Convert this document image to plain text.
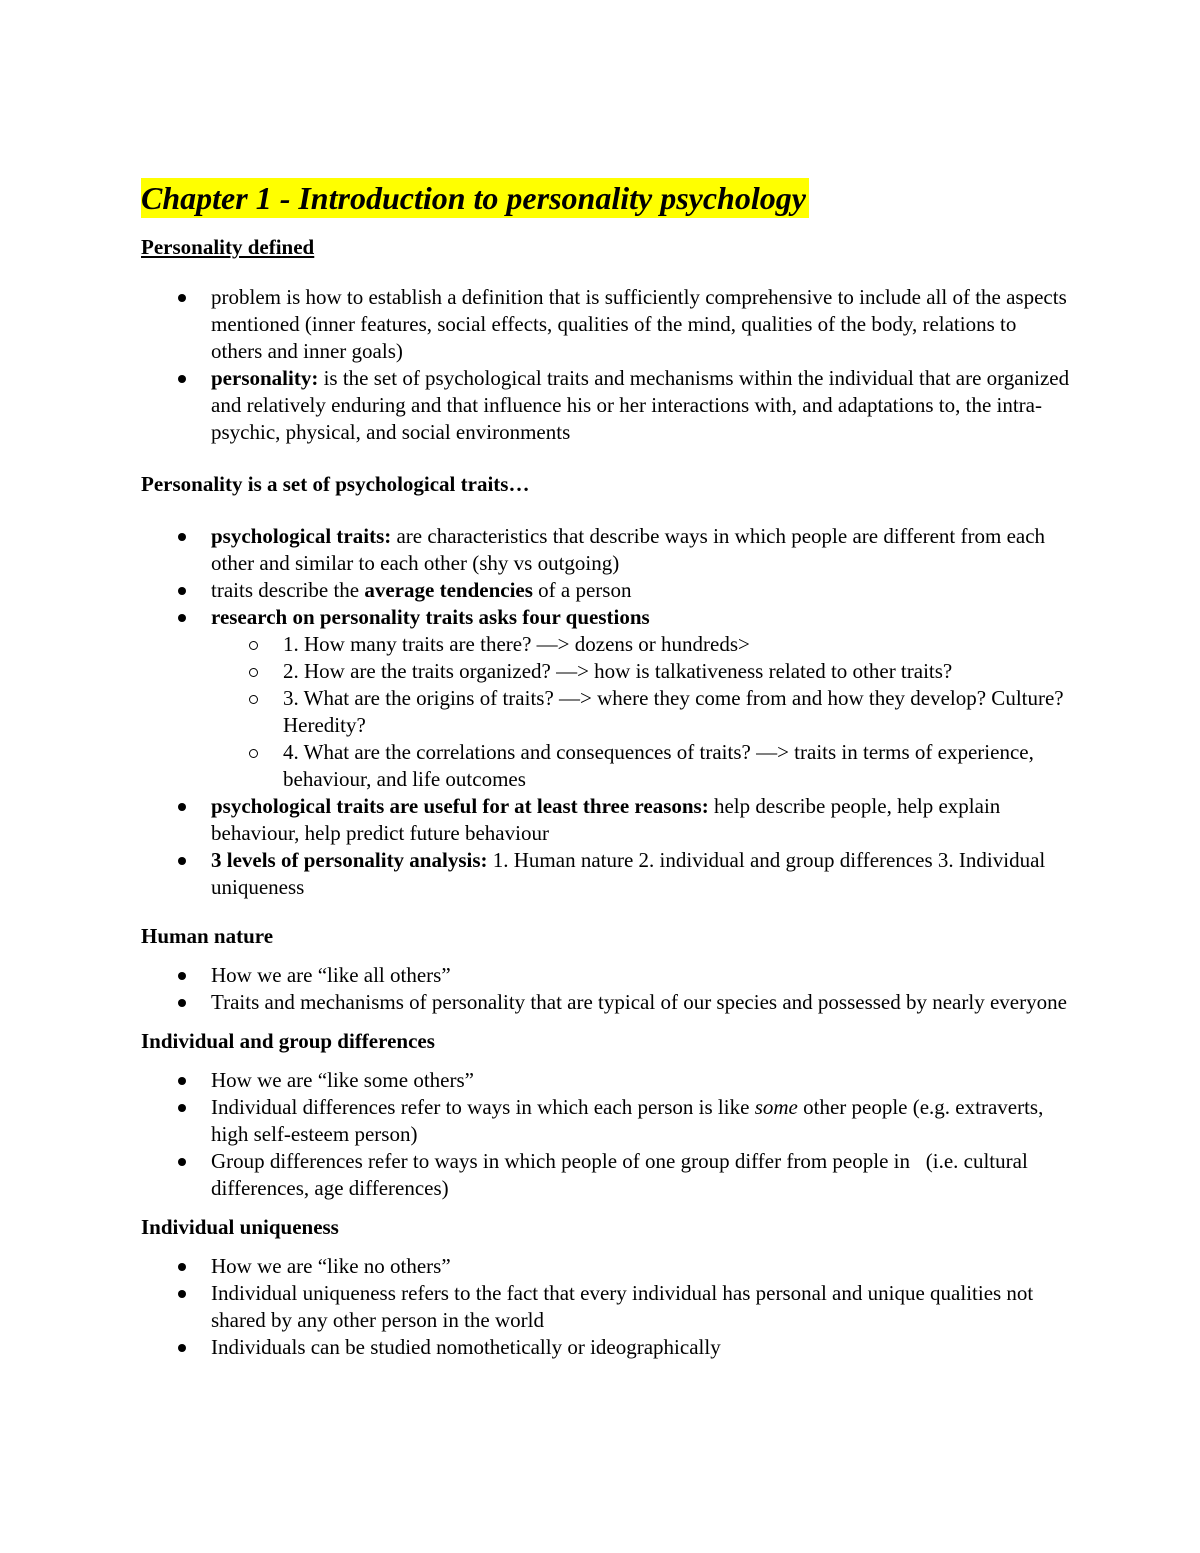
Chapter 1 - Introduction to personality psychology
Personality defined
problem is how to establish a definition that is sufficiently comprehensive to include all of the aspects mentioned (inner features, social effects, qualities of the mind, qualities of the body, relations to others and inner goals)
personality: is the set of psychological traits and mechanisms within the individual that are organized and relatively enduring and that influence his or her interactions with, and adaptations to, the intra-psychic, physical, and social environments
Personality is a set of psychological traits…
psychological traits: are characteristics that describe ways in which people are different from each other and similar to each other (shy vs outgoing)
traits describe the average tendencies of a person
research on personality traits asks four questions
1. How many traits are there? —> dozens or hundreds>
2. How are the traits organized? —> how is talkativeness related to other traits?
3. What are the origins of traits? —> where they come from and how they develop? Culture? Heredity?
4. What are the correlations and consequences of traits? —> traits in terms of experience, behaviour, and life outcomes
psychological traits are useful for at least three reasons: help describe people, help explain behaviour, help predict future behaviour
3 levels of personality analysis: 1. Human nature 2. individual and group differences 3. Individual uniqueness
Human nature
How we are “like all others”
Traits and mechanisms of personality that are typical of our species and possessed by nearly everyone
Individual and group differences
How we are “like some others”
Individual differences refer to ways in which each person is like some other people (e.g. extraverts, high self-esteem person)
Group differences refer to ways in which people of one group differ from people in   (i.e. cultural differences, age differences)
Individual uniqueness
How we are “like no others”
Individual uniqueness refers to the fact that every individual has personal and unique qualities not shared by any other person in the world
Individuals can be studied nomothetically or ideographically
